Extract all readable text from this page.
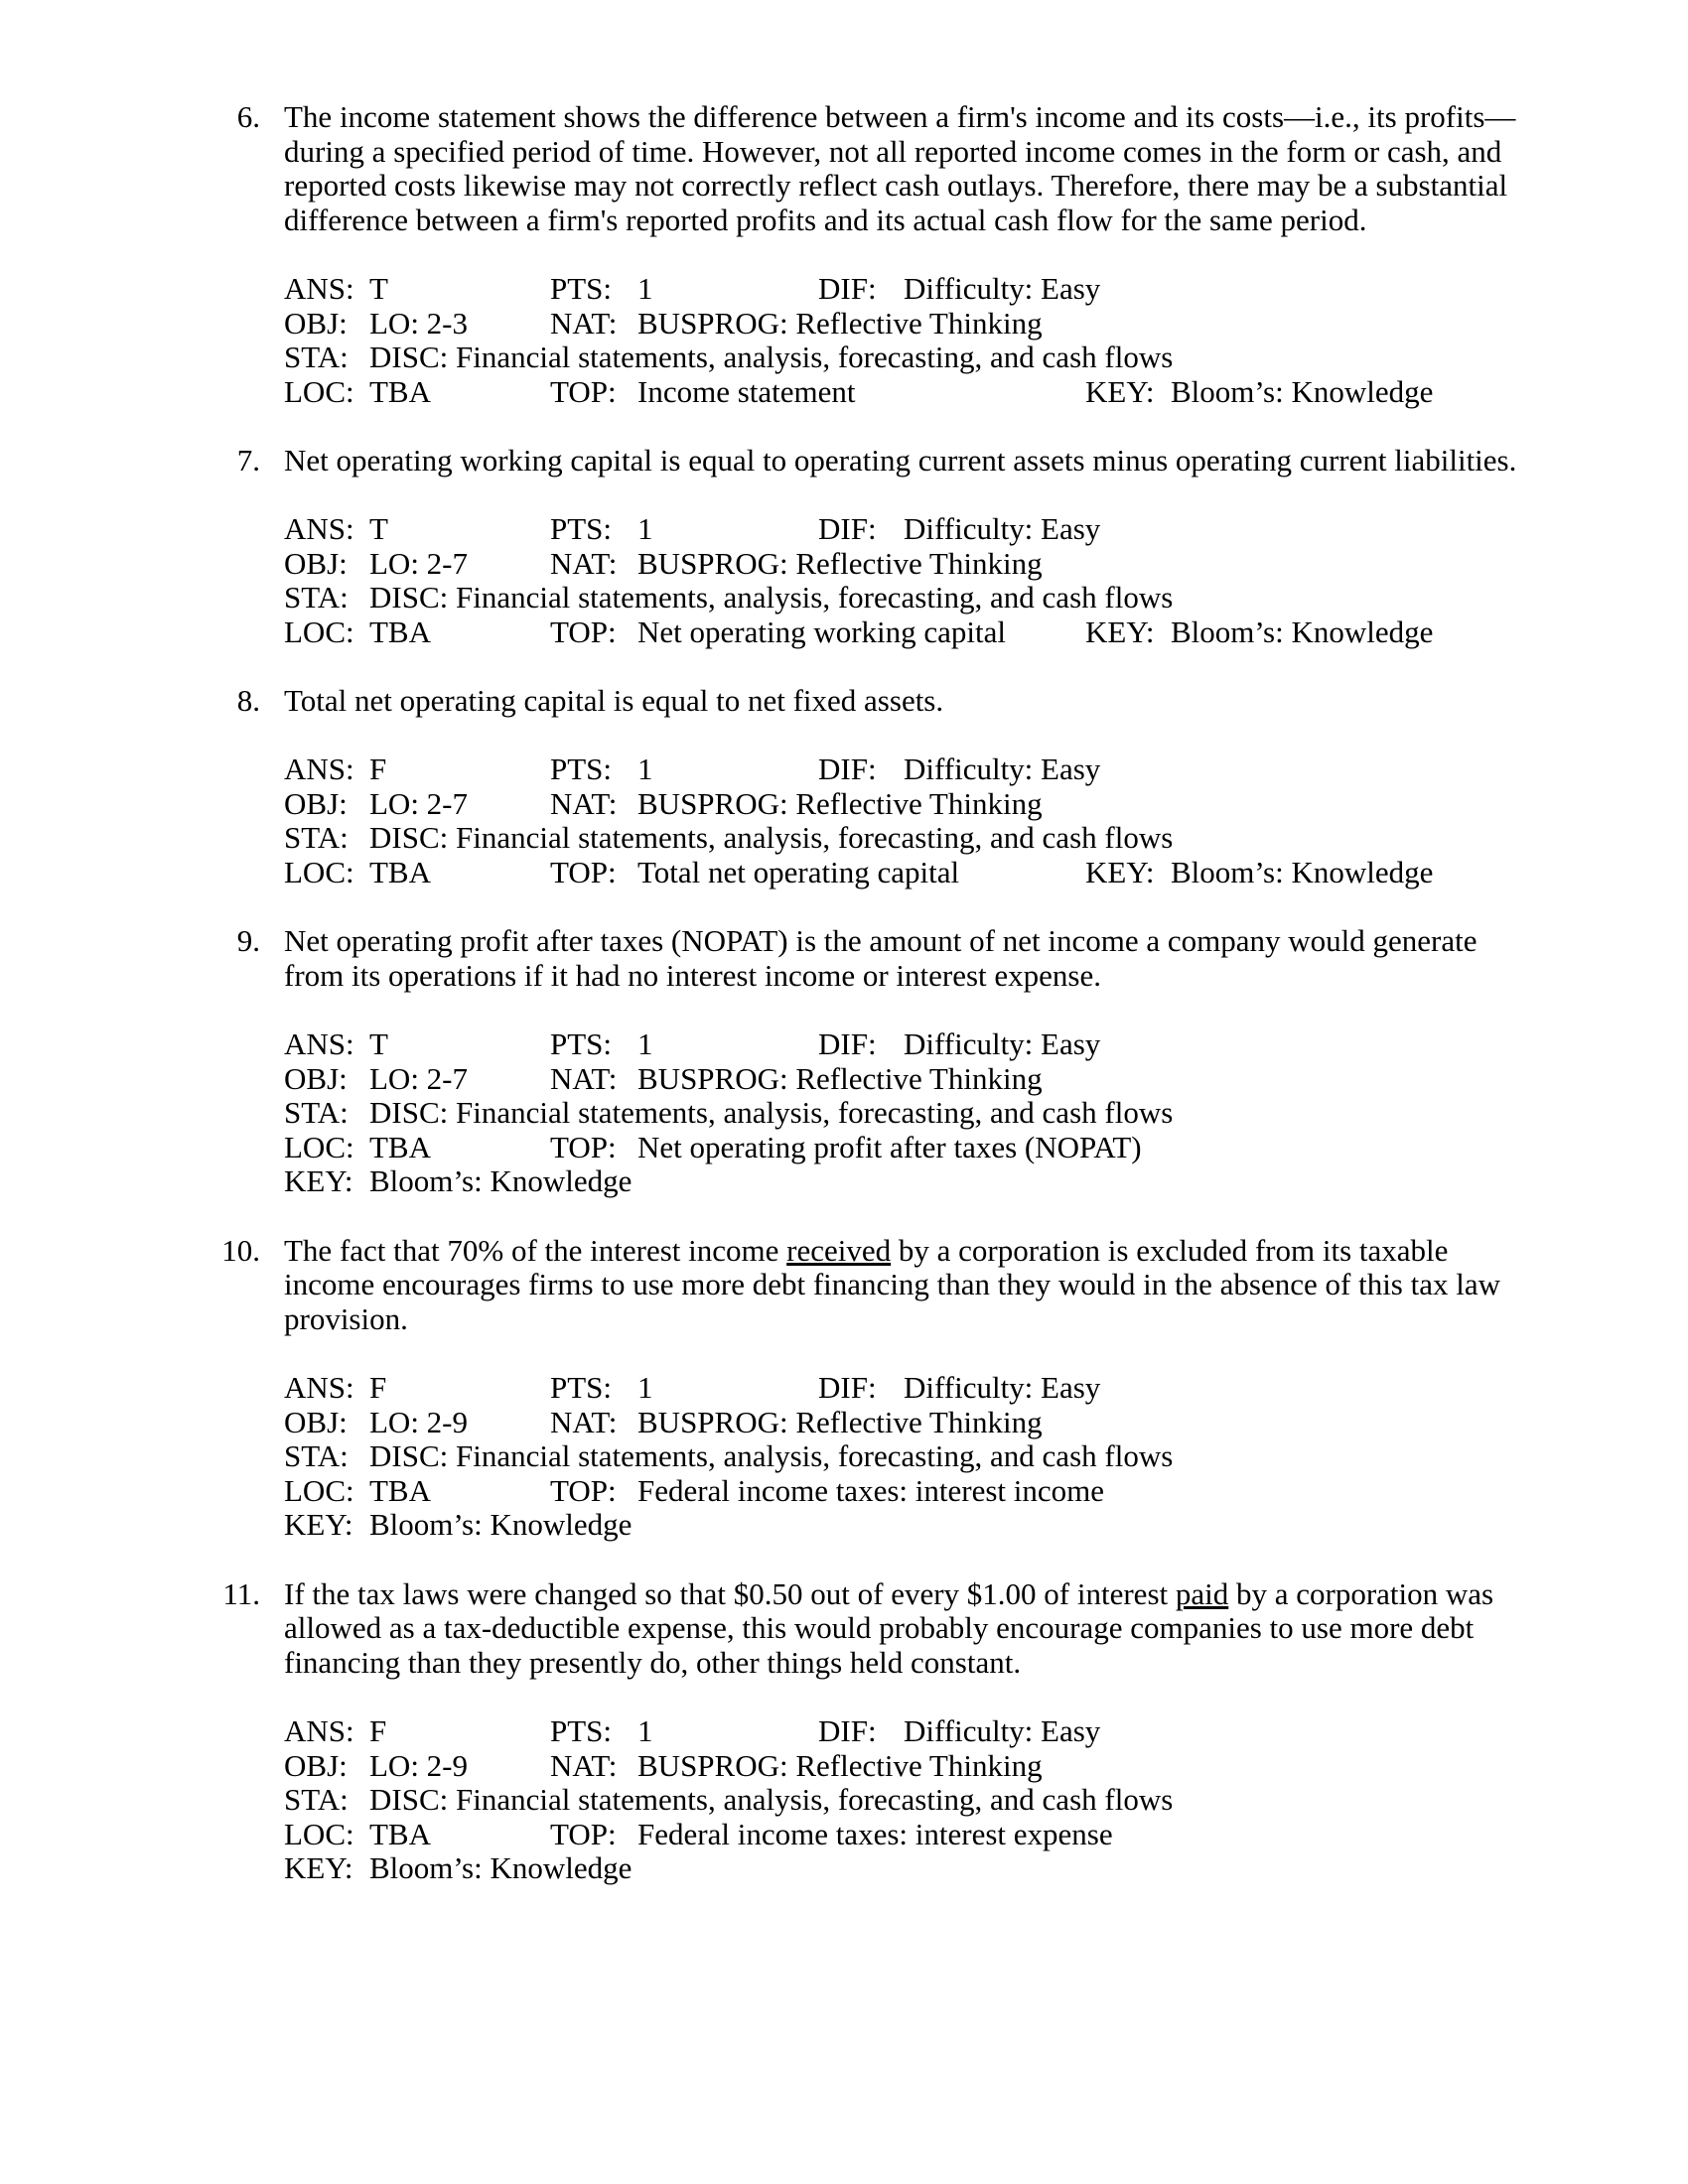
6. The income statement shows the difference between a firm's income and its costs—i.e., its profits—during a specified period of time. However, not all reported income comes in the form or cash, and reported costs likewise may not correctly reflect cash outlays. Therefore, there may be a substantial difference between a firm's reported profits and its actual cash flow for the same period.
ANS: T	PTS: 1	DIF: Difficulty: Easy
OBJ: LO: 2-3	NAT: BUSPROG: Reflective Thinking
STA: DISC: Financial statements, analysis, forecasting, and cash flows
LOC: TBA	TOP: Income statement	KEY: Bloom’s: Knowledge
7. Net operating working capital is equal to operating current assets minus operating current liabilities.
ANS: T	PTS: 1	DIF: Difficulty: Easy
OBJ: LO: 2-7	NAT: BUSPROG: Reflective Thinking
STA: DISC: Financial statements, analysis, forecasting, and cash flows
LOC: TBA	TOP: Net operating working capital	KEY: Bloom’s: Knowledge
8. Total net operating capital is equal to net fixed assets.
ANS: F	PTS: 1	DIF: Difficulty: Easy
OBJ: LO: 2-7	NAT: BUSPROG: Reflective Thinking
STA: DISC: Financial statements, analysis, forecasting, and cash flows
LOC: TBA	TOP: Total net operating capital	KEY: Bloom’s: Knowledge
9. Net operating profit after taxes (NOPAT) is the amount of net income a company would generate from its operations if it had no interest income or interest expense.
ANS: T	PTS: 1	DIF: Difficulty: Easy
OBJ: LO: 2-7	NAT: BUSPROG: Reflective Thinking
STA: DISC: Financial statements, analysis, forecasting, and cash flows
LOC: TBA	TOP: Net operating profit after taxes (NOPAT)
KEY: Bloom’s: Knowledge
10. The fact that 70% of the interest income received by a corporation is excluded from its taxable income encourages firms to use more debt financing than they would in the absence of this tax law provision.
ANS: F	PTS: 1	DIF: Difficulty: Easy
OBJ: LO: 2-9	NAT: BUSPROG: Reflective Thinking
STA: DISC: Financial statements, analysis, forecasting, and cash flows
LOC: TBA	TOP: Federal income taxes: interest income
KEY: Bloom’s: Knowledge
11. If the tax laws were changed so that $0.50 out of every $1.00 of interest paid by a corporation was allowed as a tax-deductible expense, this would probably encourage companies to use more debt financing than they presently do, other things held constant.
ANS: F	PTS: 1	DIF: Difficulty: Easy
OBJ: LO: 2-9	NAT: BUSPROG: Reflective Thinking
STA: DISC: Financial statements, analysis, forecasting, and cash flows
LOC: TBA	TOP: Federal income taxes: interest expense
KEY: Bloom’s: Knowledge
